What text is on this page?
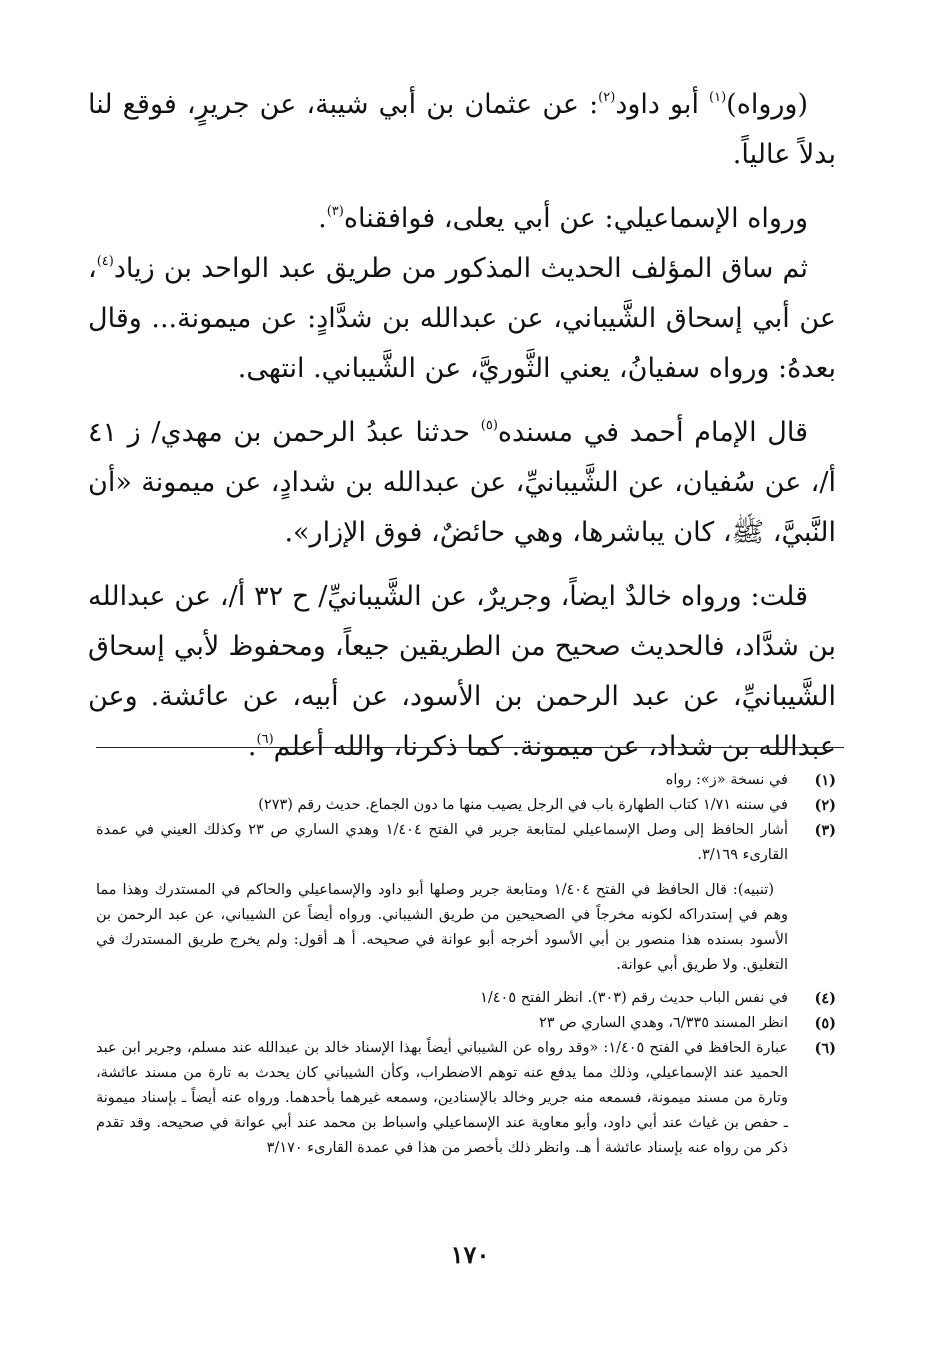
(ورواه)$^{(١)}$ أبو داود$^{(٢)}$: عن عثمان بن أبي شيبة، عن جريرٍ، فوقع لنا بدلاً عالياً.

ورواه الإسماعيلي: عن أبي يعلى، فوافقناه$^{(٣)}$.

ثم ساق المؤلف الحديث المذكور من طريق عبد الواحد بن زياد$^{(٤)}$، عن أبي إسحاق الشَّيباني، عن عبدالله بن شدَّادٍ: عن ميمونة... وقال بعدهُ: ورواه سفيانُ، يعني الثَّوريَّ، عن الشَّيباني. انتهى.

قال الإمام أحمد في مسنده$^{(٥)}$ حدثنا عبدُ الرحمن بن مهدي/ ز ٤١ أ/، عن سُفيان، عن الشَّيبانيِّ، عن عبدالله بن شدادٍ، عن ميمونة «أن النَّبيَّ، ﷺ، كان يباشرها، وهي حائضٌ، فوق الإزار».

قلت: ورواه خالدٌ ايضاً، وجريرٌ، عن الشَّيبانيِّ/ ح ٣٢ أ/، عن عبدالله بن شدَّاد، فالحديث صحيح من الطريقين جيعاً، ومحفوظ لأبي إسحاق الشَّيبانيِّ، عن عبد الرحمن بن الأسود، عن أبيه، عن عائشة. وعن عبدالله بن شداد، عن ميمونة. كما ذكرنا، والله أعلم$^{(٦)}$.

(١)
في نسخة «ز»: رواه
(٢)
في سننه ١/٧١ كتاب الطهارة باب في الرجل يصيب منها ما دون الجماع. حديث رقم (٢٧٣)
(٣)
أشار الحافظ إلى وصل الإسماعيلي لمتابعة جرير في الفتح ١/٤٠٤ وهدي الساري ص ٢٣ وكذلك العيني في عمدة القارىء ٣/١٦٩.
(تنبيه): قال الحافظ في الفتح ١/٤٠٤ ومتابعة جرير وصلها أبو داود والإسماعيلي والحاكم في المستدرك وهذا مما وهم في إستدراكه لكونه مخرجاً في الصحيحين من طريق الشيباني. ورواه أيضاً عن الشيباني، عن عبد الرحمن بن الأسود بسنده هذا منصور بن أبي الأسود أخرجه أبو عوانة في صحيحه. أ هـ أقول: ولم يخرج طريق المستدرك في التغليق. ولا طريق أبي عوانة.
(٤)
في نفس الباب حديث رقم (٣٠٣). انظر الفتح ١/٤٠٥
(٥)
انظر المسند ٦/٣٣٥، وهدي الساري ص ٢٣
(٦)
عبارة الحافظ في الفتح ١/٤٠٥: «وقد رواه عن الشيباني أيضاً بهذا الإسناد خالد بن عبدالله عند مسلم، وجرير ابن عبد الحميد عند الإسماعيلي، وذلك مما يدفع عنه توهم الاضطراب، وكأن الشيباني كان يحدث به تارة من مسند عائشة، وتارة من مسند ميمونة، فسمعه منه جرير وخالد بالإسنادين، وسمعه غيرهما بأحدهما. ورواه عنه أيضاً ـ بإسناد ميمونة ـ حفص بن غياث عند أبي داود، وأبو معاوية عند الإسماعيلي واسباط بن محمد عند أبي عوانة في صحيحه. وقد تقدم ذكر من رواه عنه بإسناد عائشة أ هـ. وانظر ذلك بأخصر من هذا في عمدة القارىء ٣/١٧٠
١٧٠
